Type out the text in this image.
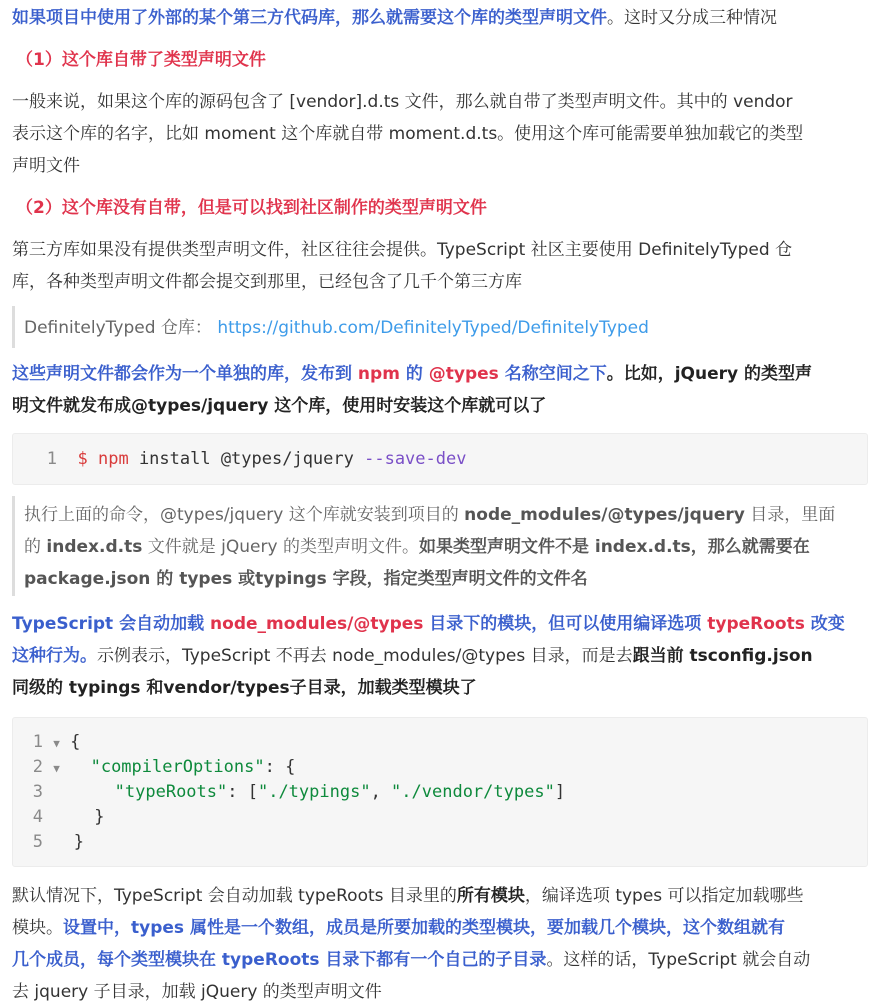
如果项目中使用了外部的某个第三方代码库，那么就需要这个库的类型声明文件。这时又分成三种情况
（1）这个库自带了类型声明文件
一般来说，如果这个库的源码包含了 [vendor].d.ts 文件，那么就自带了类型声明文件。其中的 vendor
表示这个库的名字，比如 moment 这个库就自带 moment.d.ts。使用这个库可能需要单独加载它的类型
声明文件
（2）这个库没有自带，但是可以找到社区制作的类型声明文件
第三方库如果没有提供类型声明文件，社区往往会提供。TypeScript 社区主要使用 DefinitelyTyped 仓
库，各种类型声明文件都会提交到那里，已经包含了几千个第三方库
DefinitelyTyped 仓库： https://github.com/DefinitelyTyped/DefinitelyTyped
这些声明文件都会作为一个单独的库，发布到 npm 的 @types 名称空间之下。比如，jQuery 的类型声
明文件就发布成@types/jquery 这个库，使用时安装这个库就可以了
1 $ npm install @types/jquery --save-dev
执行上面的命令，@types/jquery 这个库就安装到项目的 node_modules/@types/jquery 目录，里面
的 index.d.ts 文件就是 jQuery 的类型声明文件。如果类型声明文件不是 index.d.ts，那么就需要在
package.json 的 types 或typings 字段，指定类型声明文件的文件名
TypeScript 会自动加载 node_modules/@types 目录下的模块，但可以使用编译选项 typeRoots 改变
这种行为。示例表示，TypeScript 不再去 node_modules/@types 目录，而是去跟当前 tsconfig.json
同级的 typings 和vendor/types子目录，加载类型模块了
1 ▼ {
2 ▼ "compilerOptions": {
3	"typeRoots": ["./typings", "./vendor/types"]
4	}
5 }
默认情况下，TypeScript 会自动加载 typeRoots 目录里的所有模块，编译选项 types 可以指定加载哪些
模块。设置中，types 属性是一个数组，成员是所要加载的类型模块，要加载几个模块，这个数组就有
几个成员，每个类型模块在 typeRoots 目录下都有一个自己的子目录。这样的话，TypeScript 就会自动
去 jquery 子目录，加载 jQuery 的类型声明文件
